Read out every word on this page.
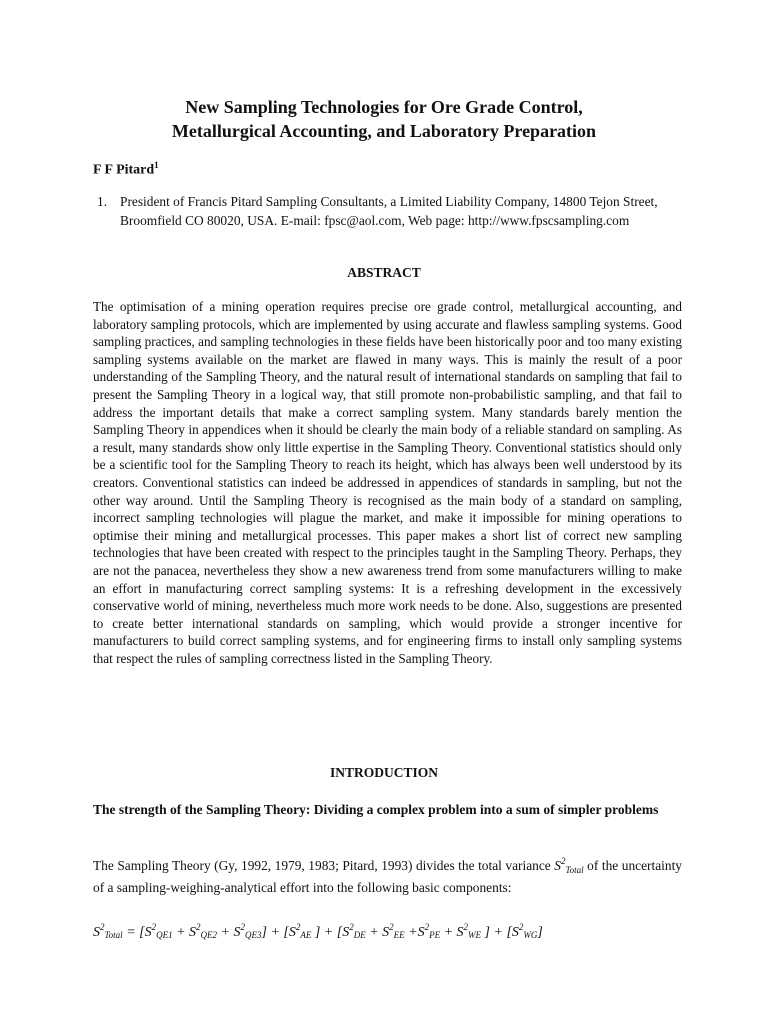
New Sampling Technologies for Ore Grade Control,
Metallurgical Accounting, and Laboratory Preparation
F F Pitard$^1$
1. President of Francis Pitard Sampling Consultants, a Limited Liability Company, 14800 Tejon Street, Broomfield CO 80020, USA. E-mail: fpsc@aol.com, Web page: http://www.fpscsampling.com
ABSTRACT
The optimisation of a mining operation requires precise ore grade control, metallurgical accounting, and laboratory sampling protocols, which are implemented by using accurate and flawless sampling systems. Good sampling practices, and sampling technologies in these fields have been historically poor and too many existing sampling systems available on the market are flawed in many ways. This is mainly the result of a poor understanding of the Sampling Theory, and the natural result of international standards on sampling that fail to present the Sampling Theory in a logical way, that still promote non-probabilistic sampling, and that fail to address the important details that make a correct sampling system. Many standards barely mention the Sampling Theory in appendices when it should be clearly the main body of a reliable standard on sampling. As a result, many standards show only little expertise in the Sampling Theory. Conventional statistics should only be a scientific tool for the Sampling Theory to reach its height, which has always been well understood by its creators. Conventional statistics can indeed be addressed in appendices of standards in sampling, but not the other way around. Until the Sampling Theory is recognised as the main body of a standard on sampling, incorrect sampling technologies will plague the market, and make it impossible for mining operations to optimise their mining and metallurgical processes. This paper makes a short list of correct new sampling technologies that have been created with respect to the principles taught in the Sampling Theory. Perhaps, they are not the panacea, nevertheless they show a new awareness trend from some manufacturers willing to make an effort in manufacturing correct sampling systems: It is a refreshing development in the excessively conservative world of mining, nevertheless much more work needs to be done. Also, suggestions are presented to create better international standards on sampling, which would provide a stronger incentive for manufacturers to build correct sampling systems, and for engineering firms to install only sampling systems that respect the rules of sampling correctness listed in the Sampling Theory.
INTRODUCTION
The strength of the Sampling Theory: Dividing a complex problem into a sum of simpler problems
The Sampling Theory (Gy, 1992, 1979, 1983; Pitard, 1993) divides the total variance $S^2_{Total}$ of the uncertainty of a sampling-weighing-analytical effort into the following basic components:
$S^2Total = [S^2QE1 + S^2QE2 + S^2QE3] + [S^2AE$ ] + [$S^2DE + S^2EE +S^2PE + S^2WE$ ] + $[S^2WG]$
